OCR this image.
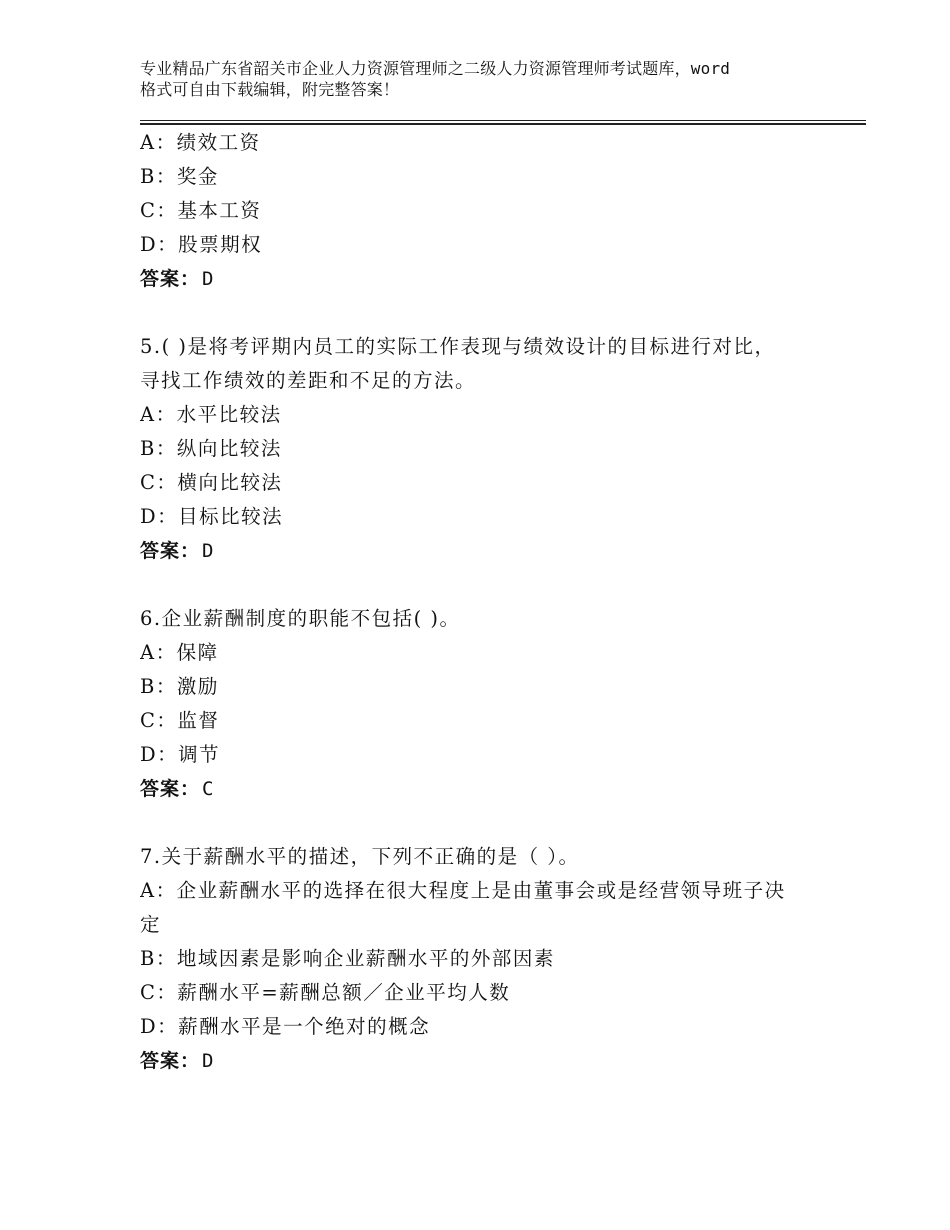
专业精品广东省韶关市企业人力资源管理师之二级人力资源管理师考试题库，word
格式可自由下载编辑，附完整答案！
A：绩效工资
B：奖金
C：基本工资
D：股票期权
答案： D
5.( )是将考评期内员工的实际工作表现与绩效设计的目标进行对比，
寻找工作绩效的差距和不足的方法。
A：水平比较法
B：纵向比较法
C：横向比较法
D：目标比较法
答案： D
6.企业薪酬制度的职能不包括( )。
A：保障
B：激励
C：监督
D：调节
答案： C
7.关于薪酬水平的描述，下列不正确的是（ ）。
A：企业薪酬水平的选择在很大程度上是由董事会或是经营领导班子决
定
B：地域因素是影响企业薪酬水平的外部因素
C：薪酬水平=薪酬总额／企业平均人数
D：薪酬水平是一个绝对的概念
答案： D
